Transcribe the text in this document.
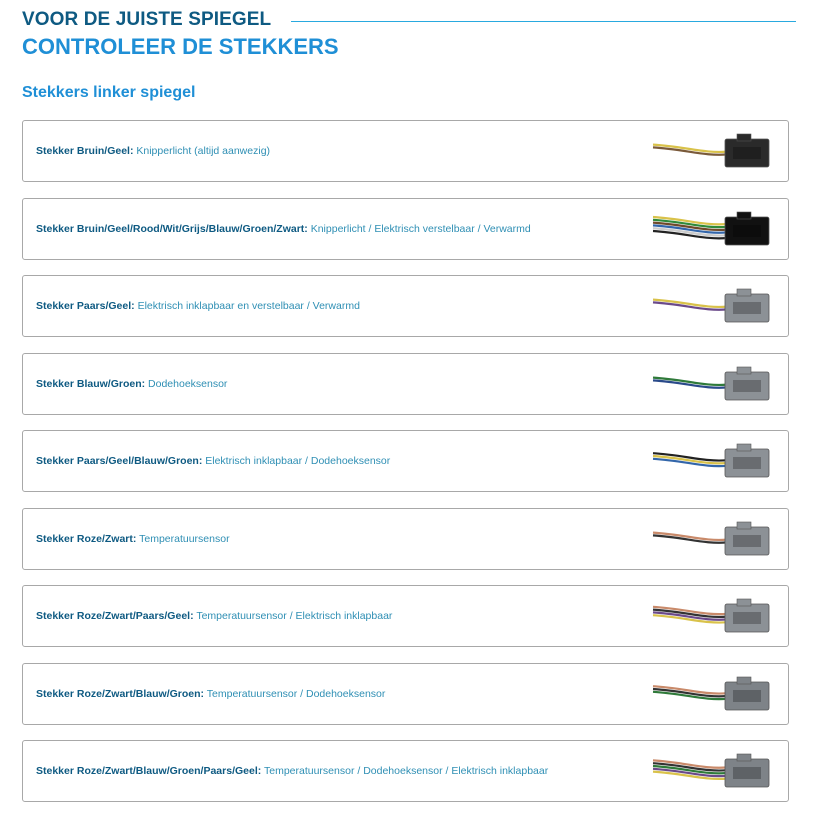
VOOR DE JUISTE SPIEGEL
CONTROLEER DE STEKKERS
Stekkers linker spiegel
Stekker Bruin/Geel: Knipperlicht (altijd aanwezig)
Stekker Bruin/Geel/Rood/Wit/Grijs/Blauw/Groen/Zwart: Knipperlicht / Elektrisch verstelbaar / Verwarmd
Stekker Paars/Geel: Elektrisch inklapbaar en verstelbaar / Verwarmd
Stekker Blauw/Groen: Dodehoeksensor
Stekker Paars/Geel/Blauw/Groen: Elektrisch inklapbaar / Dodehoeksensor
Stekker Roze/Zwart: Temperatuursensor
Stekker Roze/Zwart/Paars/Geel: Temperatuursensor / Elektrisch inklapbaar
Stekker Roze/Zwart/Blauw/Groen: Temperatuursensor / Dodehoeksensor
Stekker Roze/Zwart/Blauw/Groen/Paars/Geel: Temperatuursensor / Dodehoeksensor / Elektrisch inklapbaar
